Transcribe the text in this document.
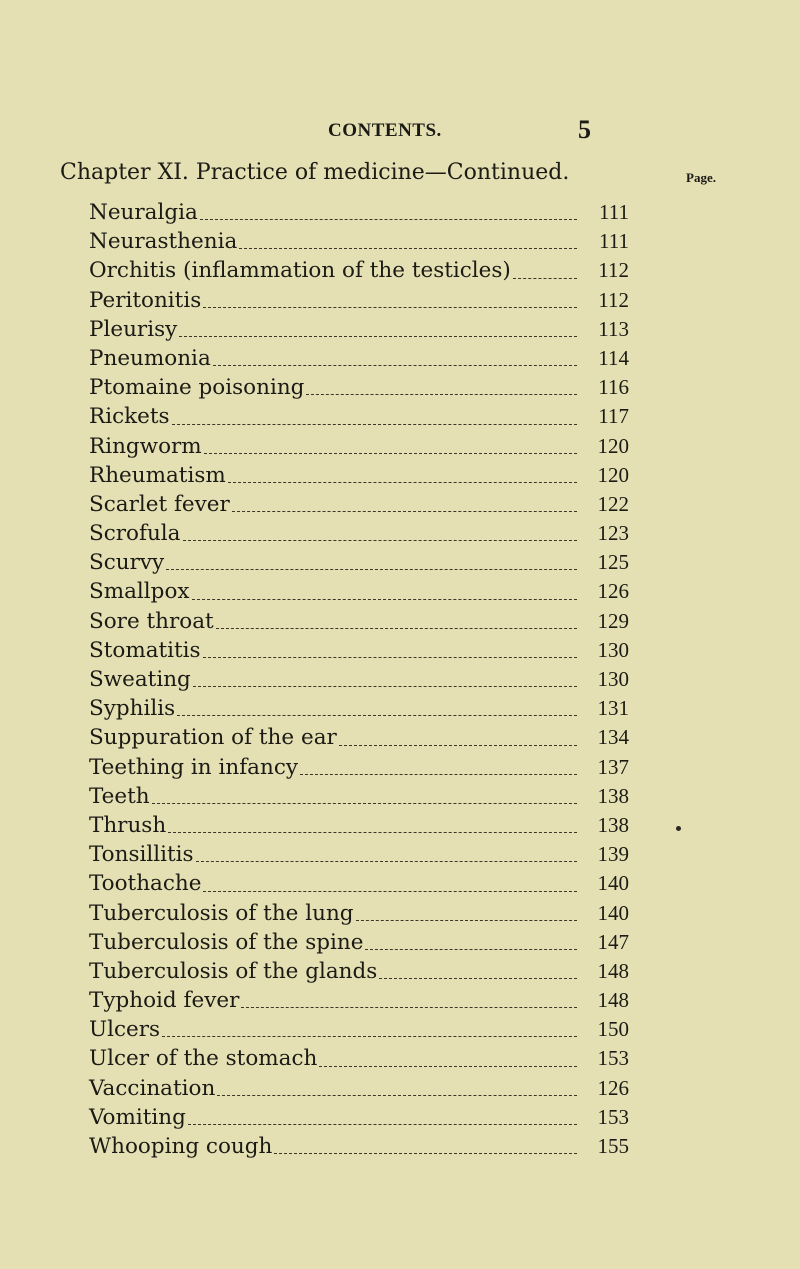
CONTENTS.	5
Chapter XI. Practice of medicine—Continued.	Page.
Neuralgia	111
Neurasthenia	111
Orchitis (inflammation of the testicles)	112
Peritonitis	112
Pleurisy	113
Pneumonia	114
Ptomaine poisoning	116
Rickets	117
Ringworm	120
Rheumatism	120
Scarlet fever	122
Scrofula	123
Scurvy	125
Smallpox	126
Sore throat	129
Stomatitis	130
Sweating	130
Syphilis	131
Suppuration of the ear	134
Teething in infancy	137
Teeth	138
Thrush	138
Tonsillitis	139
Toothache	140
Tuberculosis of the lung	140
Tuberculosis of the spine	147
Tuberculosis of the glands	148
Typhoid fever	148
Ulcers	150
Ulcer of the stomach	153
Vaccination	126
Vomiting	153
Whooping cough	155
